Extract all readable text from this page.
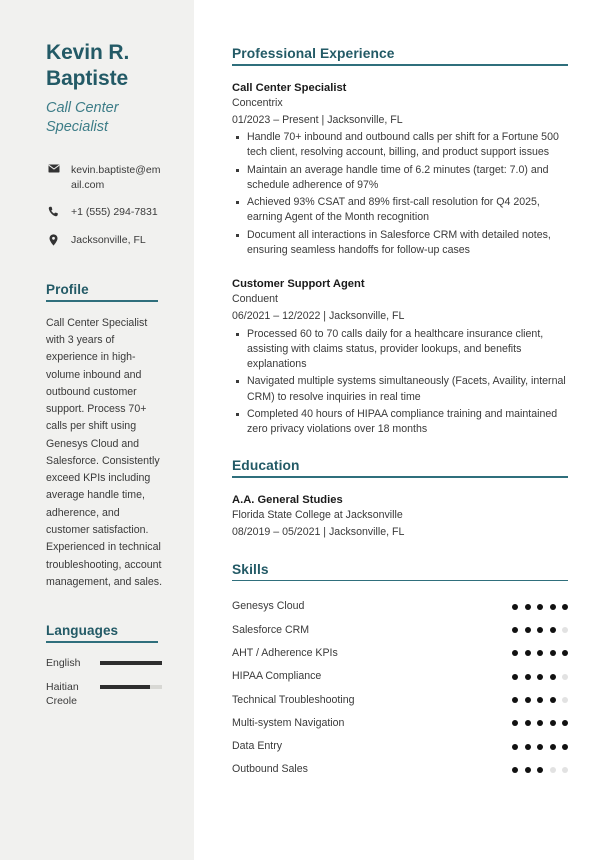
Kevin R. Baptiste
Call Center Specialist
kevin.baptiste@email.com
+1 (555) 294-7831
Jacksonville, FL
Profile

Call Center Specialist with 3 years of experience in high-volume inbound and outbound customer support. Process 70+ calls per shift using Genesys Cloud and Salesforce. Consistently exceed KPIs including average handle time, adherence, and customer satisfaction. Experienced in technical troubleshooting, account management, and sales.

Languages
English
Haitian Creole
Professional Experience
Call Center Specialist
Concentrix
01/2023 – Present | Jacksonville, FL
Handle 70+ inbound and outbound calls per shift for a Fortune 500 tech client, resolving account, billing, and product support issues
Maintain an average handle time of 6.2 minutes (target: 7.0) and schedule adherence of 97%
Achieved 93% CSAT and 89% first-call resolution for Q4 2025, earning Agent of the Month recognition
Document all interactions in Salesforce CRM with detailed notes, ensuring seamless handoffs for follow-up cases
Customer Support Agent
Conduent
06/2021 – 12/2022 | Jacksonville, FL
Processed 60 to 70 calls daily for a healthcare insurance client, assisting with claims status, provider lookups, and benefits explanations
Navigated multiple systems simultaneously (Facets, Availity, internal CRM) to resolve inquiries in real time
Completed 40 hours of HIPAA compliance training and maintained zero privacy violations over 18 months
Education
A.A. General Studies
Florida State College at Jacksonville
08/2019 – 05/2021 | Jacksonville, FL
Skills
Genesys Cloud
Salesforce CRM
AHT / Adherence KPIs
HIPAA Compliance
Technical Troubleshooting
Multi-system Navigation
Data Entry
Outbound Sales
